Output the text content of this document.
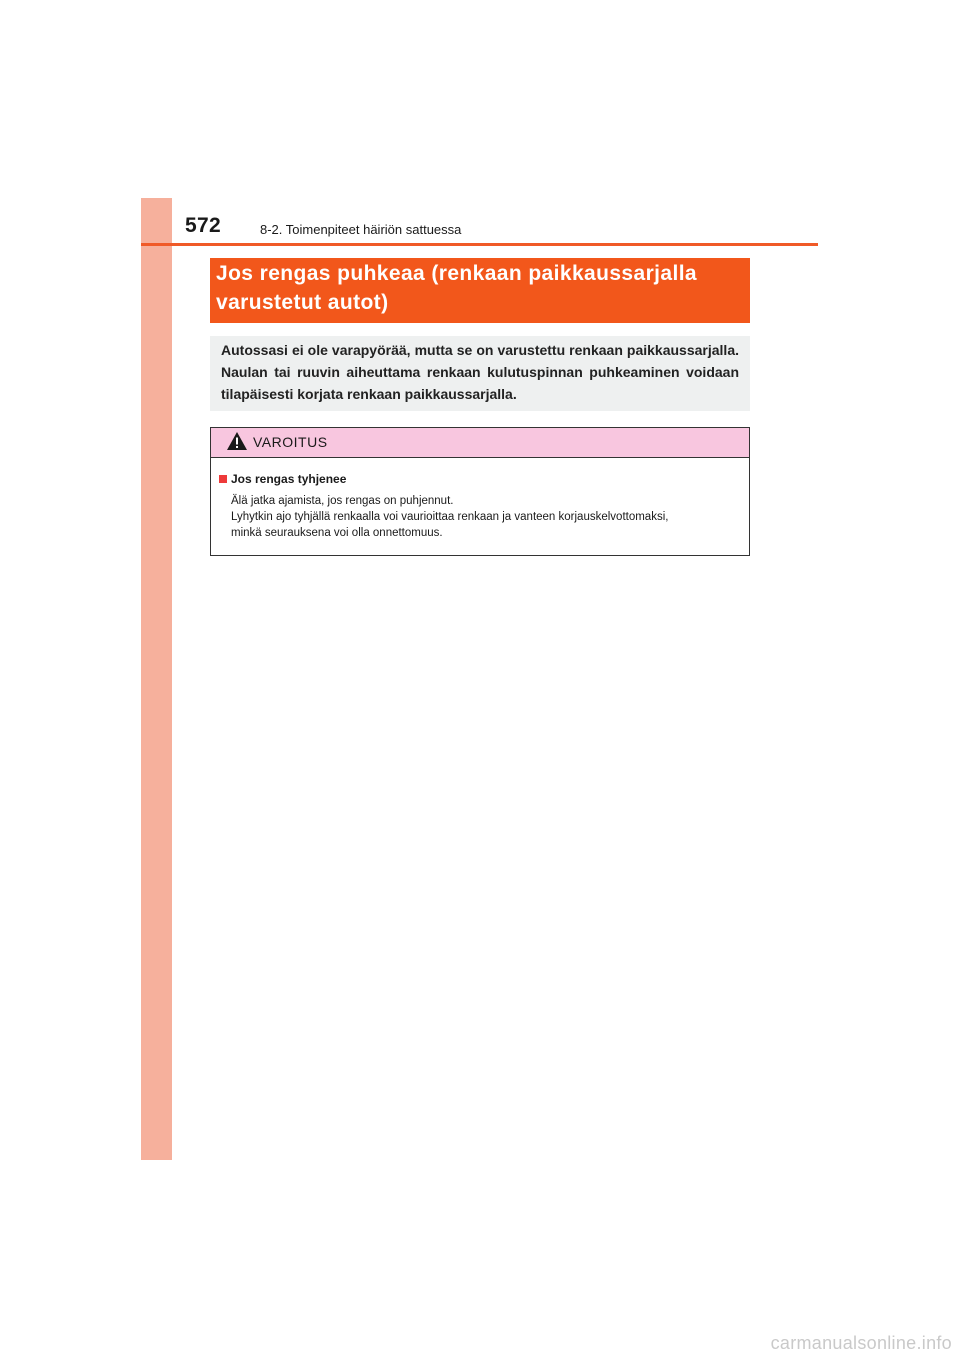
572	8-2. Toimenpiteet häiriön sattuessa
Jos rengas puhkeaa (renkaan paikkaussarjalla
varustetut autot)

Autossasi ei ole varapyörää, mutta se on varustettu renkaan paikkaussarjalla. Naulan tai ruuvin aiheuttama renkaan kulutuspinnan puhkeaminen voidaan tilapäisesti korjata renkaan paikkaussarjalla.

VAROITUS
Jos rengas tyhjenee
Älä jatka ajamista, jos rengas on puhjennut.
Lyhytkin ajo tyhjällä renkaalla voi vaurioittaa renkaan ja vanteen korjauskelvottomaksi,
minkä seurauksena voi olla onnettomuus.
carmanualsonline.info
